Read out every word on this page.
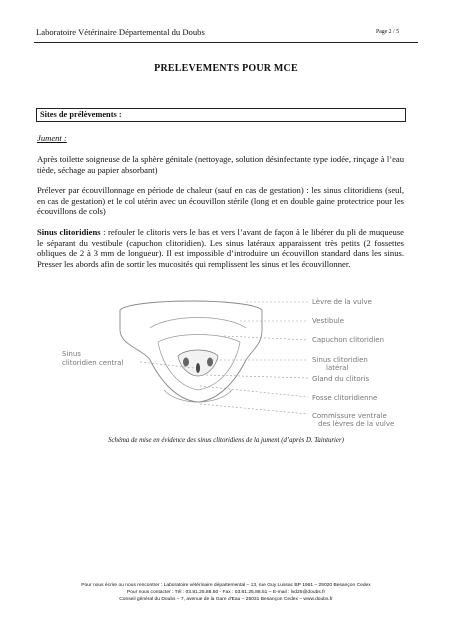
Laboratoire Vétérinaire Départemental du Doubs	Page 2 / 5
PRELEVEMENTS POUR MCE
Sites de prélèvements :
Jument :

Après toilette soigneuse de la sphère génitale (nettoyage, solution désinfectante type iodée, rinçage à l’eau tiède, séchage au papier absorbant)

Prélever par écouvillonnage en période de chaleur (sauf en cas de gestation) : les sinus clitoridiens (seul, en cas de gestation) et le col utérin avec un écouvillon stérile (long et en double gaine protectrice pour les écouvillons de cols)

Sinus clitoridiens : refouler le clitoris vers le bas et vers l’avant de façon à le libérer du pli de muqueuse le séparant du vestibule (capuchon clitoridien). Les sinus latéraux apparaissent très petits (2 fossettes obliques de 2 à 3 mm de longueur). Il est impossible d’introduire un écouvillon standard dans les sinus. Presser les abords afin de sortir les mucosités qui remplissent les sinus et les écouvillonner.

Lèvre de la vulve
Vestibule
Capuchon clitoridien
Sinus clitoridien
latéral
Gland du clitoris
Fosse clitoridienne
Commissure ventrale
des lèvres de la vulve
Sinus
clitoridien central
Schéma de mise en évidence des sinus clitoridiens de la jument (d’après D. Tainturier)
Pour nous écrire ou nous rencontrer : Laboratoire vétérinaire départemental – 13, rue Guy Lussac BP 1961 – 25020 Besançon Cedex
Pour nous contacter : Tél : 03.81.25.88.50 - Fax : 03.81.25.88.51 – E-mail : lvd25@doubs.fr
Conseil général du Doubs – 7, avenue de la Gare d'Eau – 25031 Besançon Cedex – www.doubs.fr
